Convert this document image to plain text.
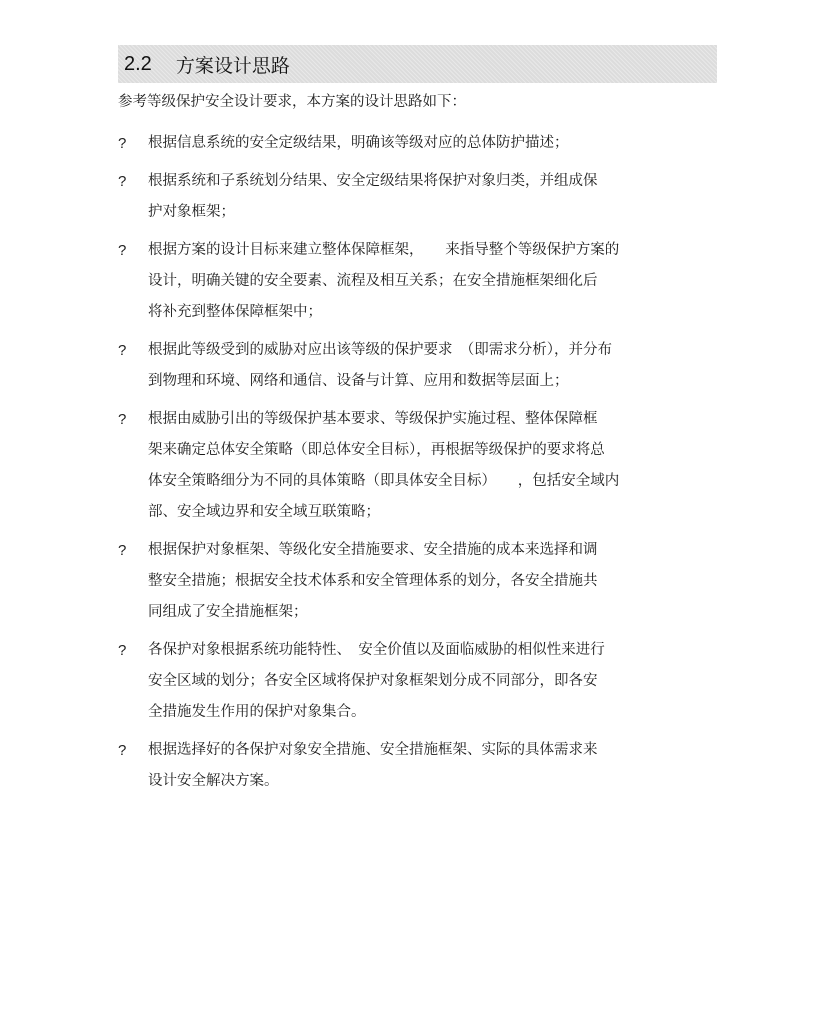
2.2 方案设计思路
参考等级保护安全设计要求，本方案的设计思路如下：
?	根据信息系统的安全定级结果，明确该等级对应的总体防护描述；
?	根据系统和子系统划分结果、安全定级结果将保护对象归类，并组成保
护对象框架；
?	根据方案的设计目标来建立整体保障框架，　　来指导整个等级保护方案的
设计，明确关键的安全要素、流程及相互关系；在安全措施框架细化后
将补充到整体保障框架中；
?	根据此等级受到的威胁对应出该等级的保护要求　（即需求分析），并分布
到物理和环境、网络和通信、设备与计算、应用和数据等层面上；
?	根据由威胁引出的等级保护基本要求、等级保护实施过程、整体保障框
架来确定总体安全策略（即总体安全目标），再根据等级保护的要求将总
体安全策略细分为不同的具体策略（即具体安全目标）　　，包括安全域内
部、安全域边界和安全域互联策略；
?	根据保护对象框架、等级化安全措施要求、安全措施的成本来选择和调
整安全措施；根据安全技术体系和安全管理体系的划分，各安全措施共
同组成了安全措施框架；
?	各保护对象根据系统功能特性、　安全价值以及面临威胁的相似性来进行
安全区域的划分；各安全区域将保护对象框架划分成不同部分，即各安
全措施发生作用的保护对象集合。
?	根据选择好的各保护对象安全措施、安全措施框架、实际的具体需求来
设计安全解决方案。
